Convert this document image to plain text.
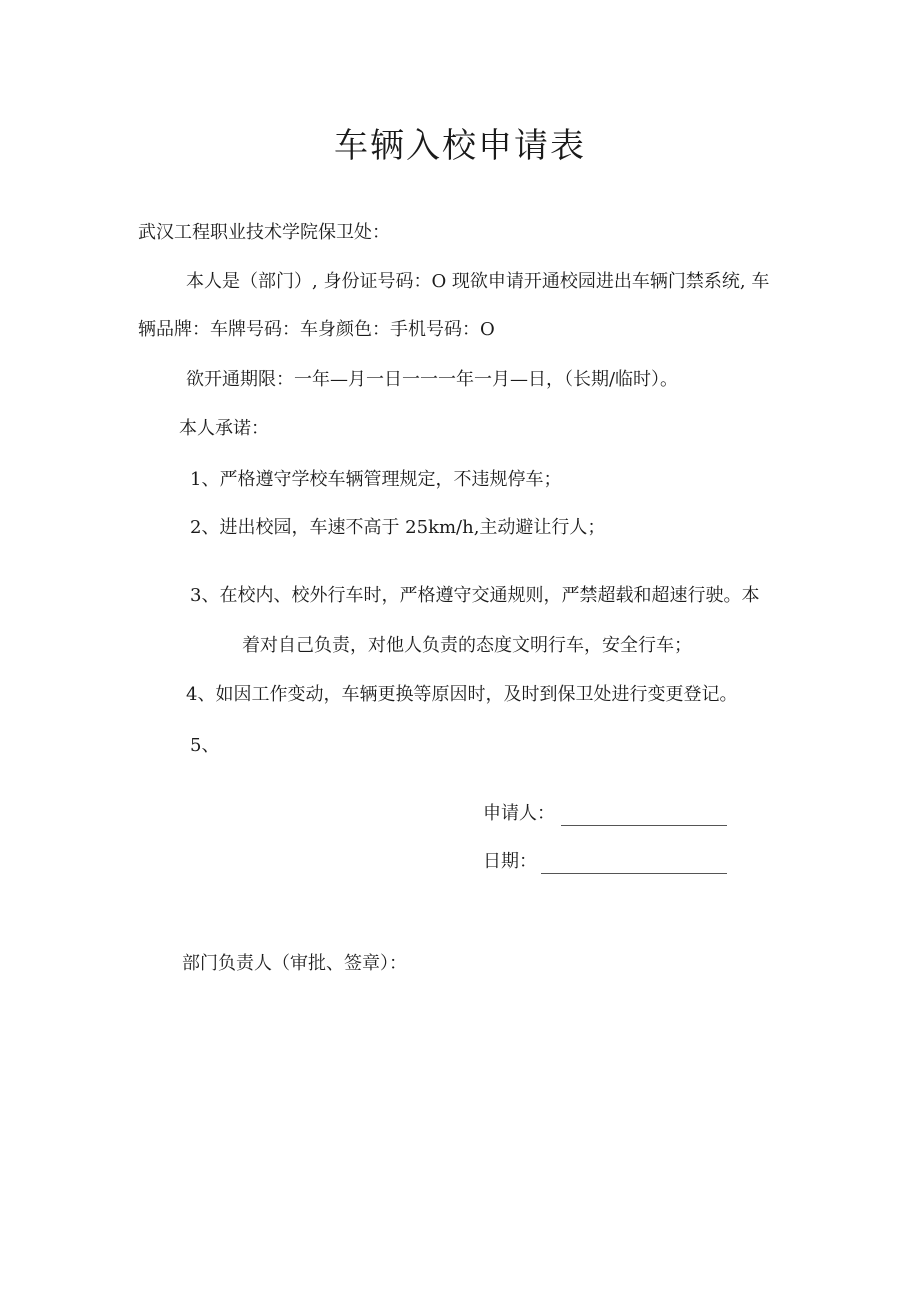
车辆入校申请表
武汉工程职业技术学院保卫处：
本人是（部门）, 身份证号码：O 现欲申请开通校园进出车辆门禁系统, 车
辆品牌：车牌号码：车身颜色：手机号码：O
欲开通期限：一年—月一日一一一年一月—日，（长期/临时）。
本人承诺：
1、严格遵守学校车辆管理规定，不违规停车；
2、进出校园，车速不高于 25km/h,主动避让行人；
3、在校内、校外行车时，严格遵守交通规则，严禁超载和超速行驶。本
着对自己负责，对他人负责的态度文明行车，安全行车；
4、如因工作变动，车辆更换等原因时，及时到保卫处进行变更登记。
5、
申请人：
日期：
部门负责人（审批、签章）：
